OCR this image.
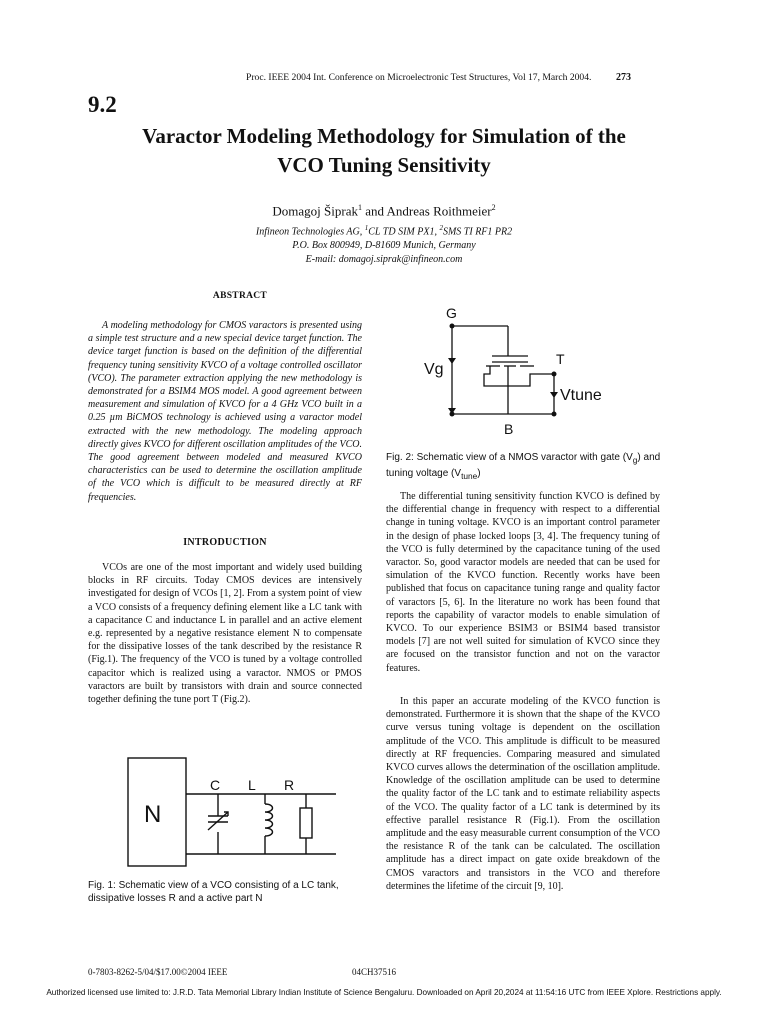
Proc. IEEE 2004 Int. Conference on Microelectronic Test Structures, Vol 17, March 2004. 273
9.2
Varactor Modeling Methodology for Simulation of the
VCO Tuning Sensitivity
Domagoj Šiprak$^1$ and Andreas Roithmeier$^2$
Infineon Technologies AG, $^1$CL TD SIM PX1, $^2$SMS TI RF1 PR2
P.O. Box 800949, D-81609 Munich, Germany
E-mail: domagoj.siprak@infineon.com
ABSTRACT

A modeling methodology for CMOS varactors is presented using a simple test structure and a new special device target function. The device target function is based on the definition of the differential frequency tuning sensitivity KVCO of a voltage controlled oscillator (VCO). The parameter extraction applying the new methodology is demonstrated for a BSIM4 MOS model. A good agreement between measurement and simulation of KVCO for a 4 GHz VCO built in a 0.25 µm BiCMOS technology is achieved using a varactor model extracted with the new methodology. The modeling approach directly gives KVCO for different oscillation amplitudes of the VCO. The good agreement between modeled and measured KVCO characteristics can be used to determine the oscillation amplitude of the VCO which is difficult to be measured directly at RF frequencies.

INTRODUCTION

VCOs are one of the most important and widely used building blocks in RF circuits. Today CMOS devices are intensively investigated for design of VCOs [1, 2]. From a system point of view a VCO consists of a frequency defining element like a LC tank with a capacitance C and inductance L in parallel and an active element e.g. represented by a negative resistance element N to compensate for the dissipative losses of the tank described by the resistance R (Fig.1). The frequency of the VCO is tuned by a voltage controlled capacitor which is realized using a varactor. NMOS or PMOS varactors are built by transistors with drain and source connected together defining the tune port T (Fig.2).

N
C L R
Fig. 1: Schematic view of a VCO consisting of a LC tank, dissipative losses R and a active part N
G
T
B
Vg
Vtune
Fig. 2: Schematic view of a NMOS varactor with gate $(V_g)$ and tuning voltage $(V_{tune})$

The differential tuning sensitivity function KVCO is defined by the differential change in frequency with respect to a differential change in tuning voltage. KVCO is an important control parameter in the design of phase locked loops [3, 4]. The frequency tuning of the VCO is fully determined by the capacitance tuning of the used varactor. So, good varactor models are needed that can be used for simulation of the KVCO function. Recently works have been published that focus on capacitance tuning range and quality factor of varactors [5, 6]. In the literature no work has been found that reports the capability of varactor models to enable simulation of KVCO. To our experience BSIM3 or BSIM4 based transistor models [7] are not well suited for simulation of KVCO since they are focused on the transistor function and not on the varactor features.

In this paper an accurate modeling of the KVCO function is demonstrated. Furthermore it is shown that the shape of the KVCO curve versus tuning voltage is dependent on the oscillation amplitude of the VCO. This amplitude is difficult to be measured directly at RF frequencies. Comparing measured and simulated KVCO curves allows the determination of the oscillation amplitude. Knowledge of the oscillation amplitude can be used to determine the quality factor of the LC tank and to estimate reliability aspects of the VCO. The quality factor of a LC tank is determined by its effective parallel resistance R (Fig.1). From the oscillation amplitude and the easy measurable current consumption of the VCO the resistance R of the tank can be calculated. The oscillation amplitude has a direct impact on gate oxide breakdown of the CMOS varactors and transistors in the VCO and therefore determines the lifetime of the circuit [9, 10].

0-7803-8262-5/04/$17.00©2004 IEEE	04CH37516
Authorized licensed use limited to: J.R.D. Tata Memorial Library Indian Institute of Science Bengaluru. Downloaded on April 20,2024 at 11:54:16 UTC from IEEE Xplore. Restrictions apply.
